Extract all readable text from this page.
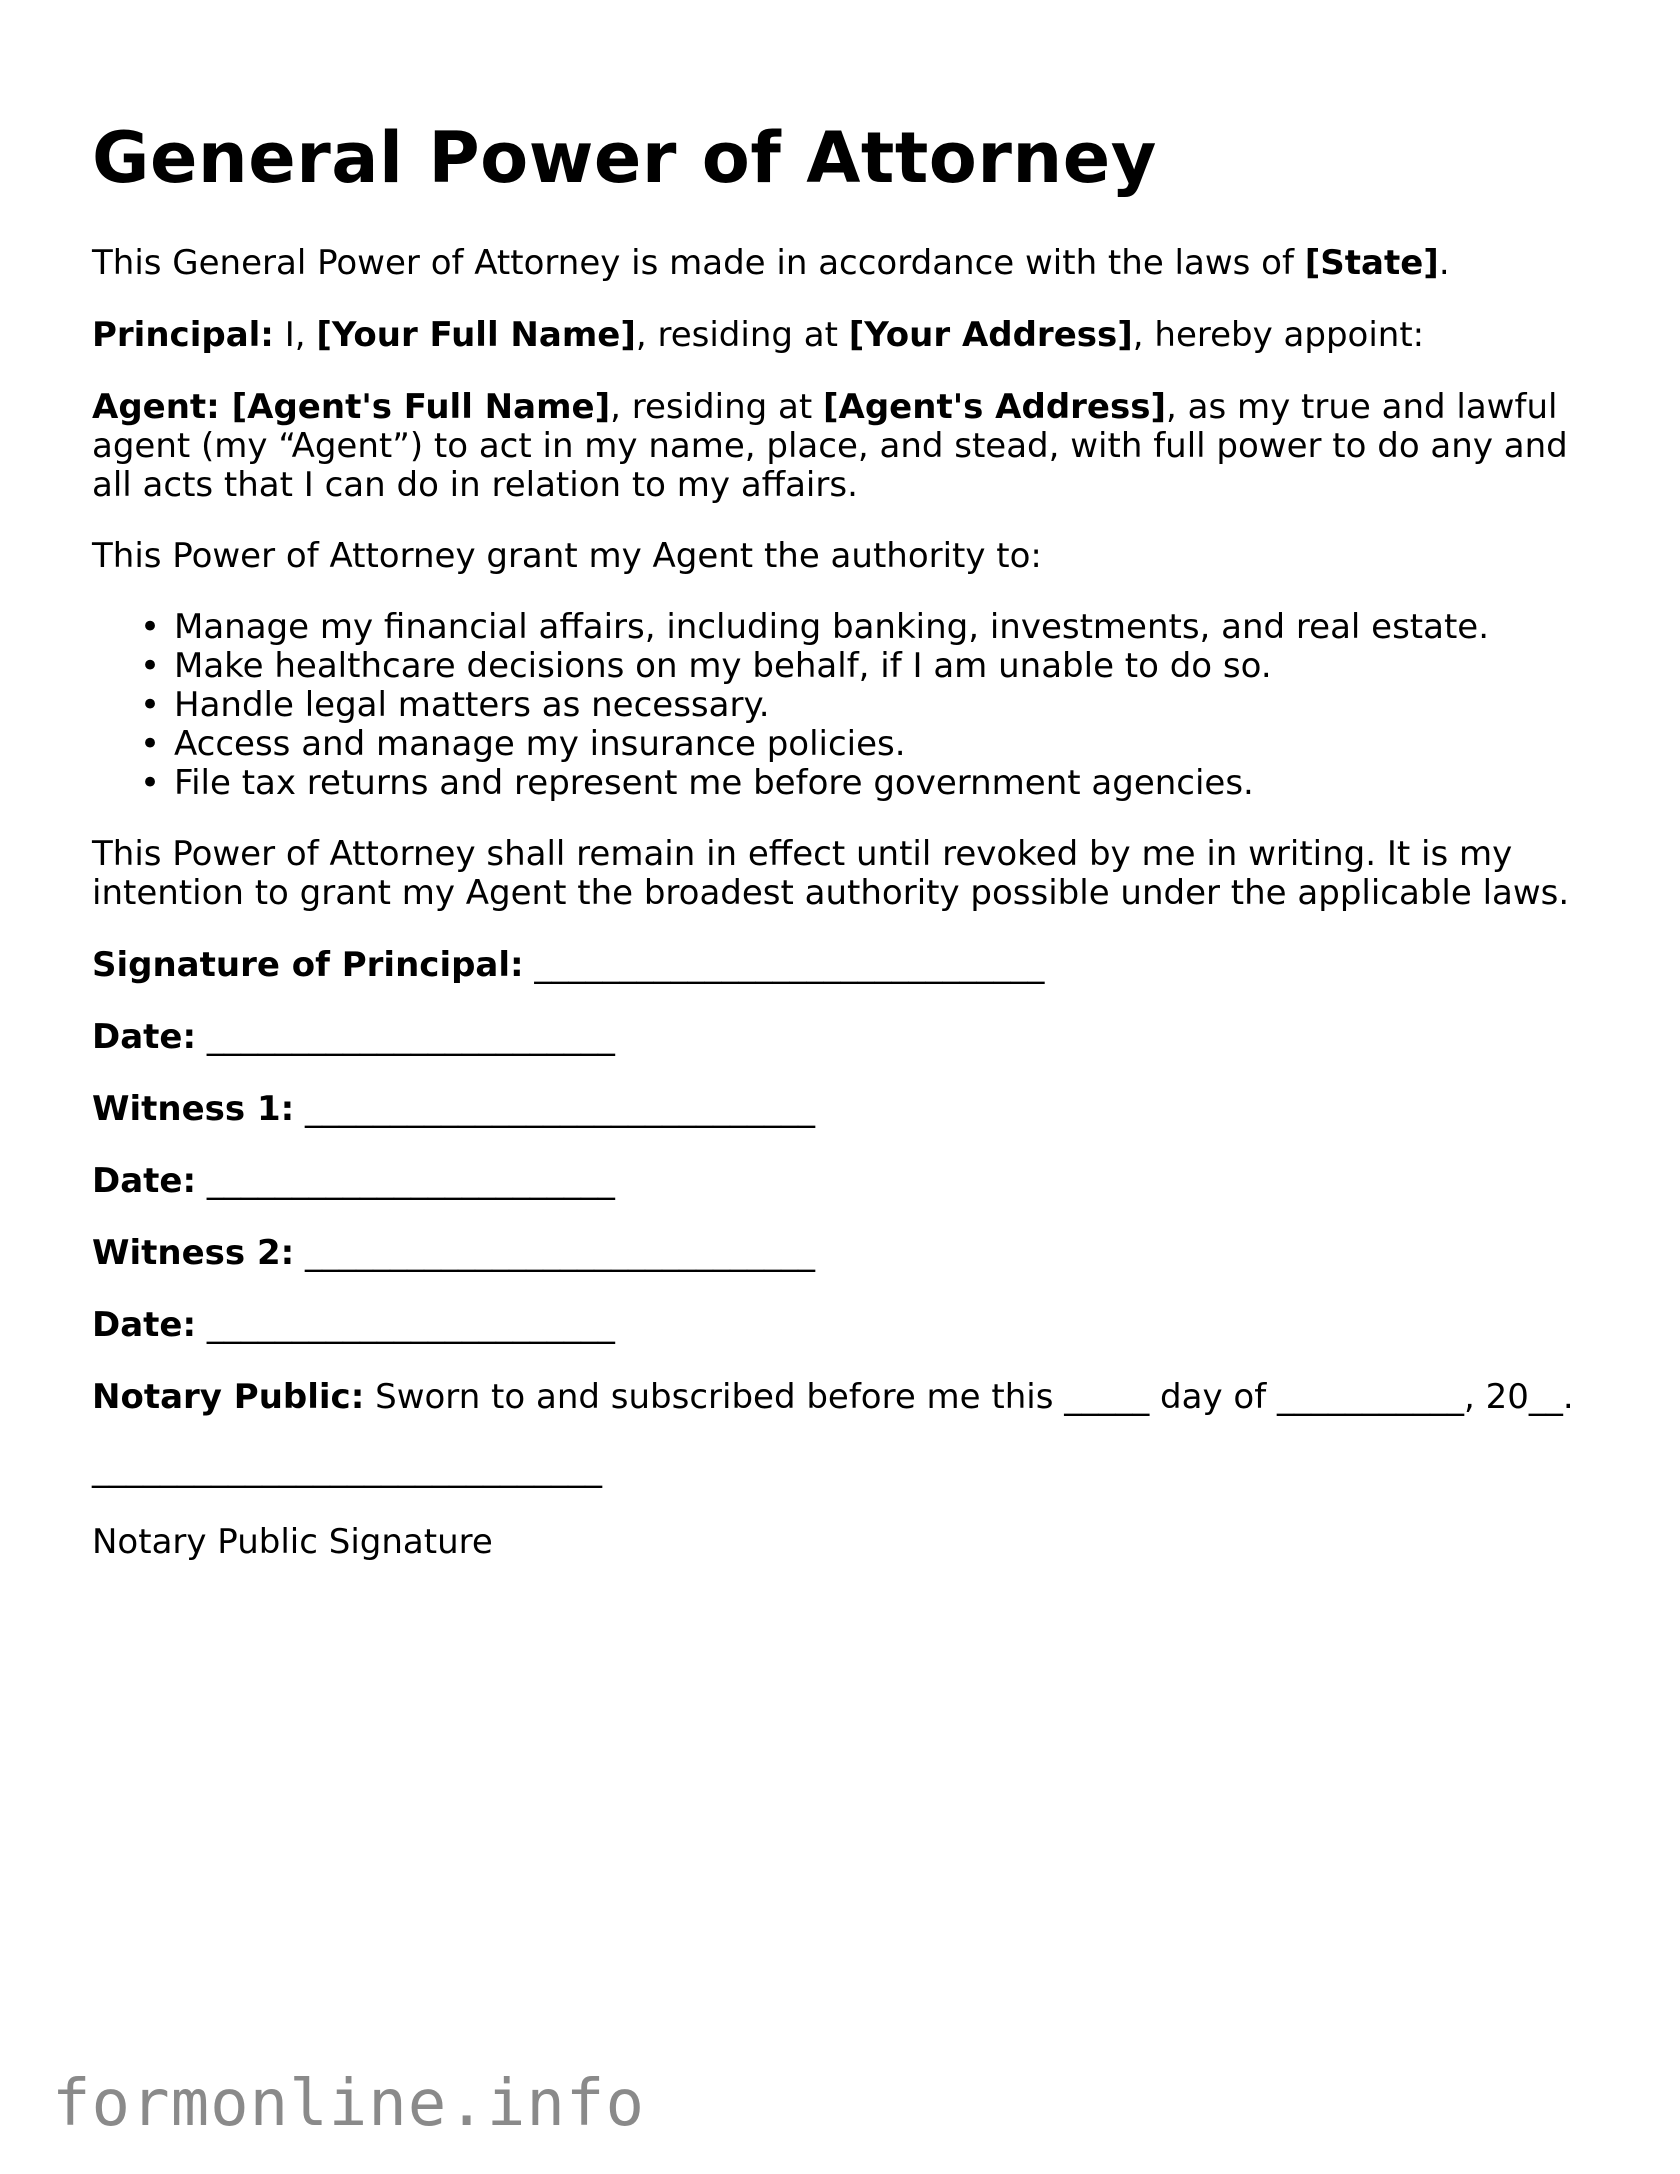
General Power of Attorney

This General Power of Attorney is made in accordance with the laws of [State].

Principal: I, [Your Full Name], residing at [Your Address], hereby appoint:

Agent: [Agent's Full Name], residing at [Agent's Address], as my true and lawful agent (my “Agent”) to act in my name, place, and stead, with full power to do any and all acts that I can do in relation to my affairs.

This Power of Attorney grant my Agent the authority to:

• Manage my financial affairs, including banking, investments, and real estate.
• Make healthcare decisions on my behalf, if I am unable to do so.
• Handle legal matters as necessary.
• Access and manage my insurance policies.
• File tax returns and represent me before government agencies.

This Power of Attorney shall remain in effect until revoked by me in writing. It is my intention to grant my Agent the broadest authority possible under the applicable laws.

Signature of Principal: ______________________________

Date: ________________________

Witness 1: ______________________________

Date: ________________________

Witness 2: ______________________________

Date: ________________________

Notary Public: Sworn to and subscribed before me this _____ day of ___________, 20__.

______________________________

Notary Public Signature

formonline.info
